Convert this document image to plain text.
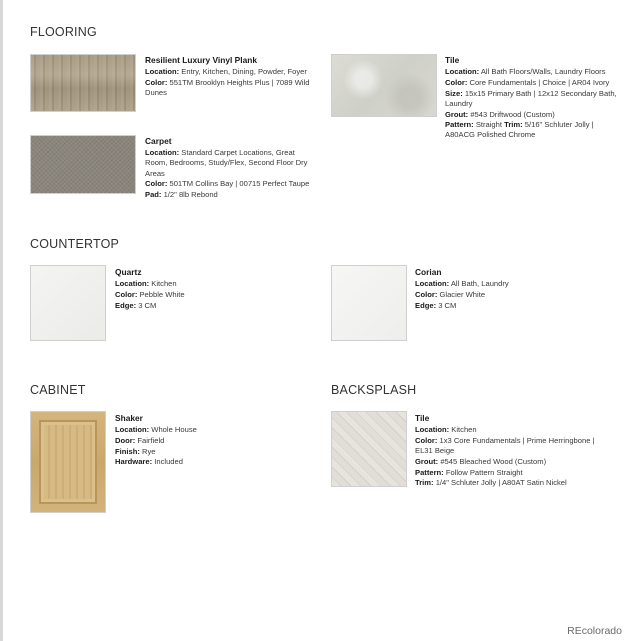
FLOORING
Resilient Luxury Vinyl Plank
Location: Entry, Kitchen, Dining, Powder, Foyer
Color: 551TM Brooklyn Heights Plus | 7089 Wild Dunes
Tile
Location: All Bath Floors/Walls, Laundry Floors
Color: Core Fundamentals | Choice | AR04 Ivory
Size: 15x15 Primary Bath | 12x12 Secondary Bath, Laundry
Grout: #543 Driftwood (Custom)
Pattern: Straight Trim: 5/16" Schluter Jolly | A80ACG Polished Chrome
Carpet
Location: Standard Carpet Locations, Great Room, Bedrooms, Study/Flex, Second Floor Dry Areas
Color: 501TM Collins Bay | 00715 Perfect Taupe
Pad: 1/2" 8lb Rebond
COUNTERTOP
Quartz
Location: Kitchen
Color: Pebble White
Edge: 3 CM
Corian
Location: All Bath, Laundry
Color: Glacier White
Edge: 3 CM
CABINET
Shaker
Location: Whole House
Door: Fairfield
Finish: Rye
Hardware: Included
BACKSPLASH
Tile
Location: Kitchen
Color: 1x3 Core Fundamentals | Prime Herringbone | EL31 Beige
Grout: #545 Bleached Wood (Custom)
Pattern: Follow Pattern Straight
Trim: 1/4" Schluter Jolly | A80AT Satin Nickel
REcolorado
